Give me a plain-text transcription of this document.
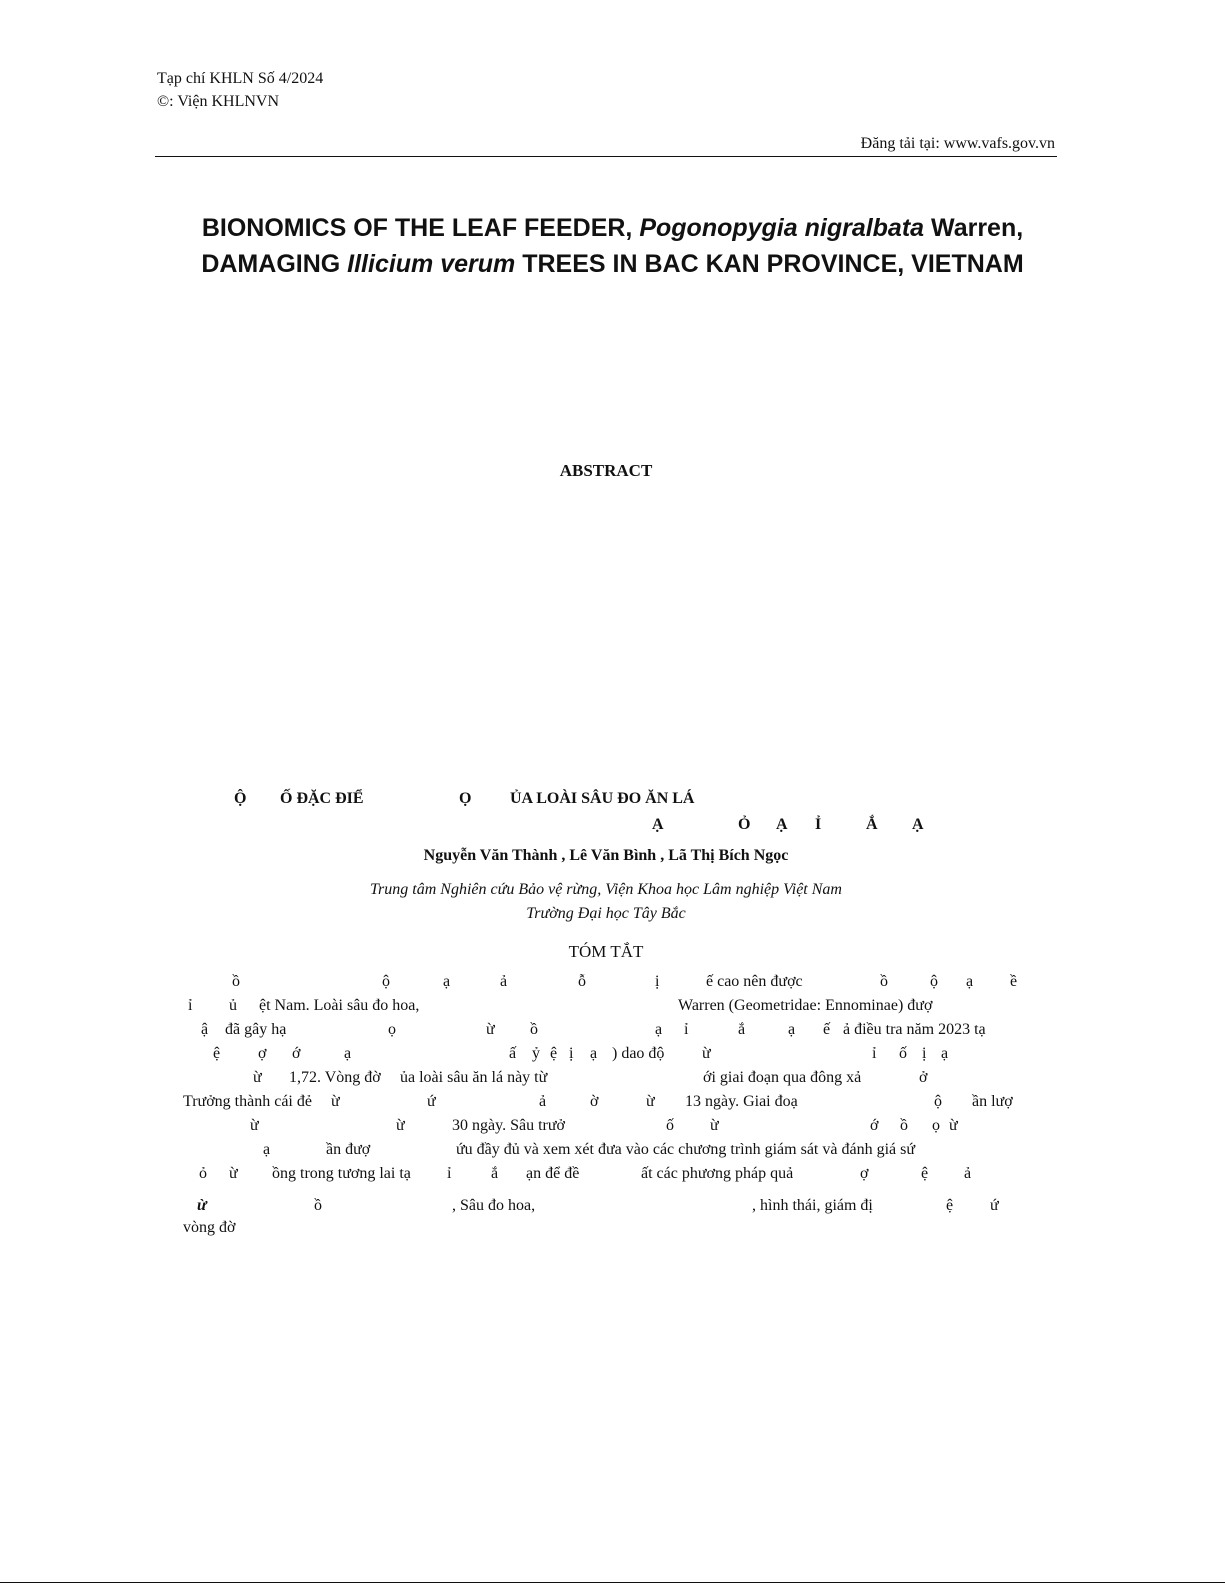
Tạp chí KHLN Số 4/2024
©: Viện KHLNVN
Đăng tải tại: www.vafs.gov.vn
BIONOMICS OF THE LEAF FEEDER, Pogonopygia nigralbata Warren,
DAMAGING Illicium verum TREES IN BAC KAN PROVINCE, VIETNAM
ABSTRACT
Ộ Ố ĐẶC ĐIỂ	Ọ ỦA LOÀI SÂU ĐO ĂN LÁ
Ạ	Ỏ Ạ Ỉ	Ắ Ạ
Nguyễn Văn Thành , Lê Văn Bình , Lã Thị Bích Ngọc
Trung tâm Nghiên cứu Bảo vệ rừng, Viện Khoa học Lâm nghiệp Việt Nam
Trường Đại học Tây Bắc
TÓM TẮT
ồ	ộ	ạ	ả	ỗ	ị	ế cao nên được	ồ	ộ ạ ề
ỉ ủ ệt Nam. Loài sâu đo hoa,	Warren (Geometridae: Ennominae) đượ
ậ đã gây hạ	ọ	ừ ồ	ạ ỉ	ắ	ạ ế ả điều tra năm 2023 tạ
ệ ợ ớ	ạ	ấ ỷ ệ ị ạ ) dao độ ừ	ỉ ố ị ạ
ừ 1,72. Vòng đờ ủa loài sâu ăn lá này từ	ới giai đoạn qua đông xả	ở
Trưởng thành cái đẻ ừ	ứ	ả	ờ	ừ 13 ngày. Giai đoạ	ộ ần lượ
ừ	ừ	30 ngày. Sâu trưở	ố ừ	ớ ồ ọ ừ
ạ	ần đượ	ứu đầy đủ và xem xét đưa vào các chương trình giám sát và đánh giá sứ
ỏ ừ ồng trong tương lai tạ ỉ ắ ạn để đề	ất các phương pháp quả	ợ	ệ ả
ừ	ồ	, Sâu đo hoa,	, hình thái, giám đị	ệ ứ
vòng đờ
